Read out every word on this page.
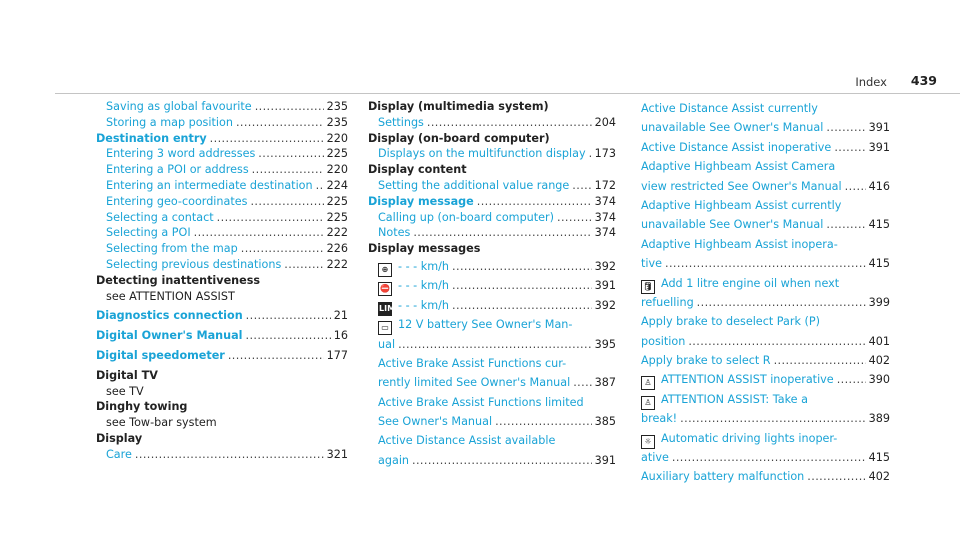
Index 439
Saving as global favourite .....	235
Storing a map position .....	235
Destination entry .....	220
Entering 3 word addresses .....	225
Entering a POI or address .....	220
Entering an intermediate destination ..... 224
Entering geo-coordinates .....	225
Selecting a contact .....	225
Selecting a POI .....	222
Selecting from the map .....	226
Selecting previous destinations .....	222
Detecting inattentiveness
see ATTENTION ASSIST
Diagnostics connection .....	21
Digital Owner's Manual .....	16
Digital speedometer .....	177
Digital TV
see TV
Dinghy towing
see Tow-bar system
Display
Care .....	321
Display (multimedia system)
Settings .....	204
Display (on-board computer)
Displays on the multifunction display ..... 173
Display content
Setting the additional value range ..... 172
Display message .....	374
Calling up (on-board computer) .....	374
Notes .....	374
Display messages
⊕ - - - km/h .....	392
⛔ - - - km/h .....	391
LIM - - - km/h .....	392
▭ 12 V battery See Owner's Man-
ual .....	395
Active Brake Assist Functions cur-
rently limited See Owner's Manual ..... 387
Active Brake Assist Functions limited
See Owner's Manual .....	385
Active Distance Assist available
again .....	391
Active Distance Assist currently
unavailable See Owner's Manual .....	391
Active Distance Assist inoperative .....	391
Adaptive Highbeam Assist Camera
view restricted See Owner's Manual ..... 416
Adaptive Highbeam Assist currently
unavailable See Owner's Manual .....	415
Adaptive Highbeam Assist inopera-
tive .....	415
🛢 Add 1 litre engine oil when next
refuelling .....	399
Apply brake to deselect Park (P)
position .....	401
Apply brake to select R .....	402
♙ ATTENTION ASSIST inoperative .....	390
♙ ATTENTION ASSIST: Take a
break! .....	389
☼ Automatic driving lights inoper-
ative .....	415
Auxiliary battery malfunction .....	402
